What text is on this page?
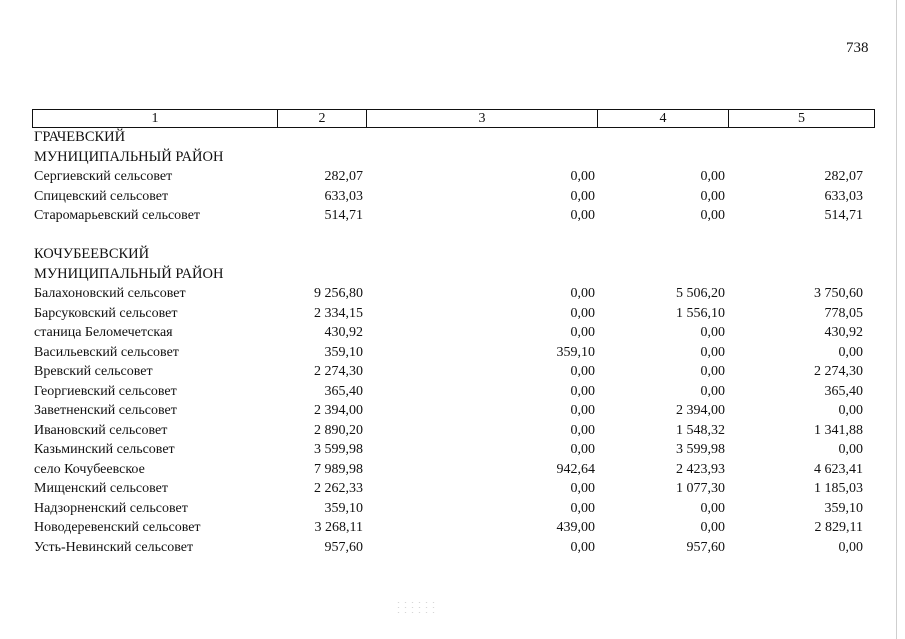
738
1	2	3	4	5
ГРАЧЕВСКИЙ
МУНИЦИПАЛЬНЫЙ РАЙОН
Сергиевский сельсовет	282,07	0,00	0,00	282,07
Спицевский сельсовет	633,03	0,00	0,00	633,03
Старомарьевский сельсовет	514,71	0,00	0,00	514,71
КОЧУБЕЕВСКИЙ
МУНИЦИПАЛЬНЫЙ РАЙОН
Балахоновский сельсовет	9 256,80	0,00	5 506,20	3 750,60
Барсуковский сельсовет	2 334,15	0,00	1 556,10	778,05
станица Беломечетская	430,92	0,00	0,00	430,92
Васильевский сельсовет	359,10	359,10	0,00	0,00
Вревский сельсовет	2 274,30	0,00	0,00	2 274,30
Георгиевский сельсовет	365,40	0,00	0,00	365,40
Заветненский сельсовет	2 394,00	0,00	2 394,00	0,00
Ивановский сельсовет	2 890,20	0,00	1 548,32	1 341,88
Казьминский сельсовет	3 599,98	0,00	3 599,98	0,00
село Кочубеевское	7 989,98	942,64	2 423,93	4 623,41
Мищенский сельсовет	2 262,33	0,00	1 077,30	1 185,03
Надзорненский сельсовет	359,10	0,00	0,00	359,10
Новодеревенский сельсовет	3 268,11	439,00	0,00	2 829,11
Усть-Невинский сельсовет	957,60	0,00	957,60	0,00
